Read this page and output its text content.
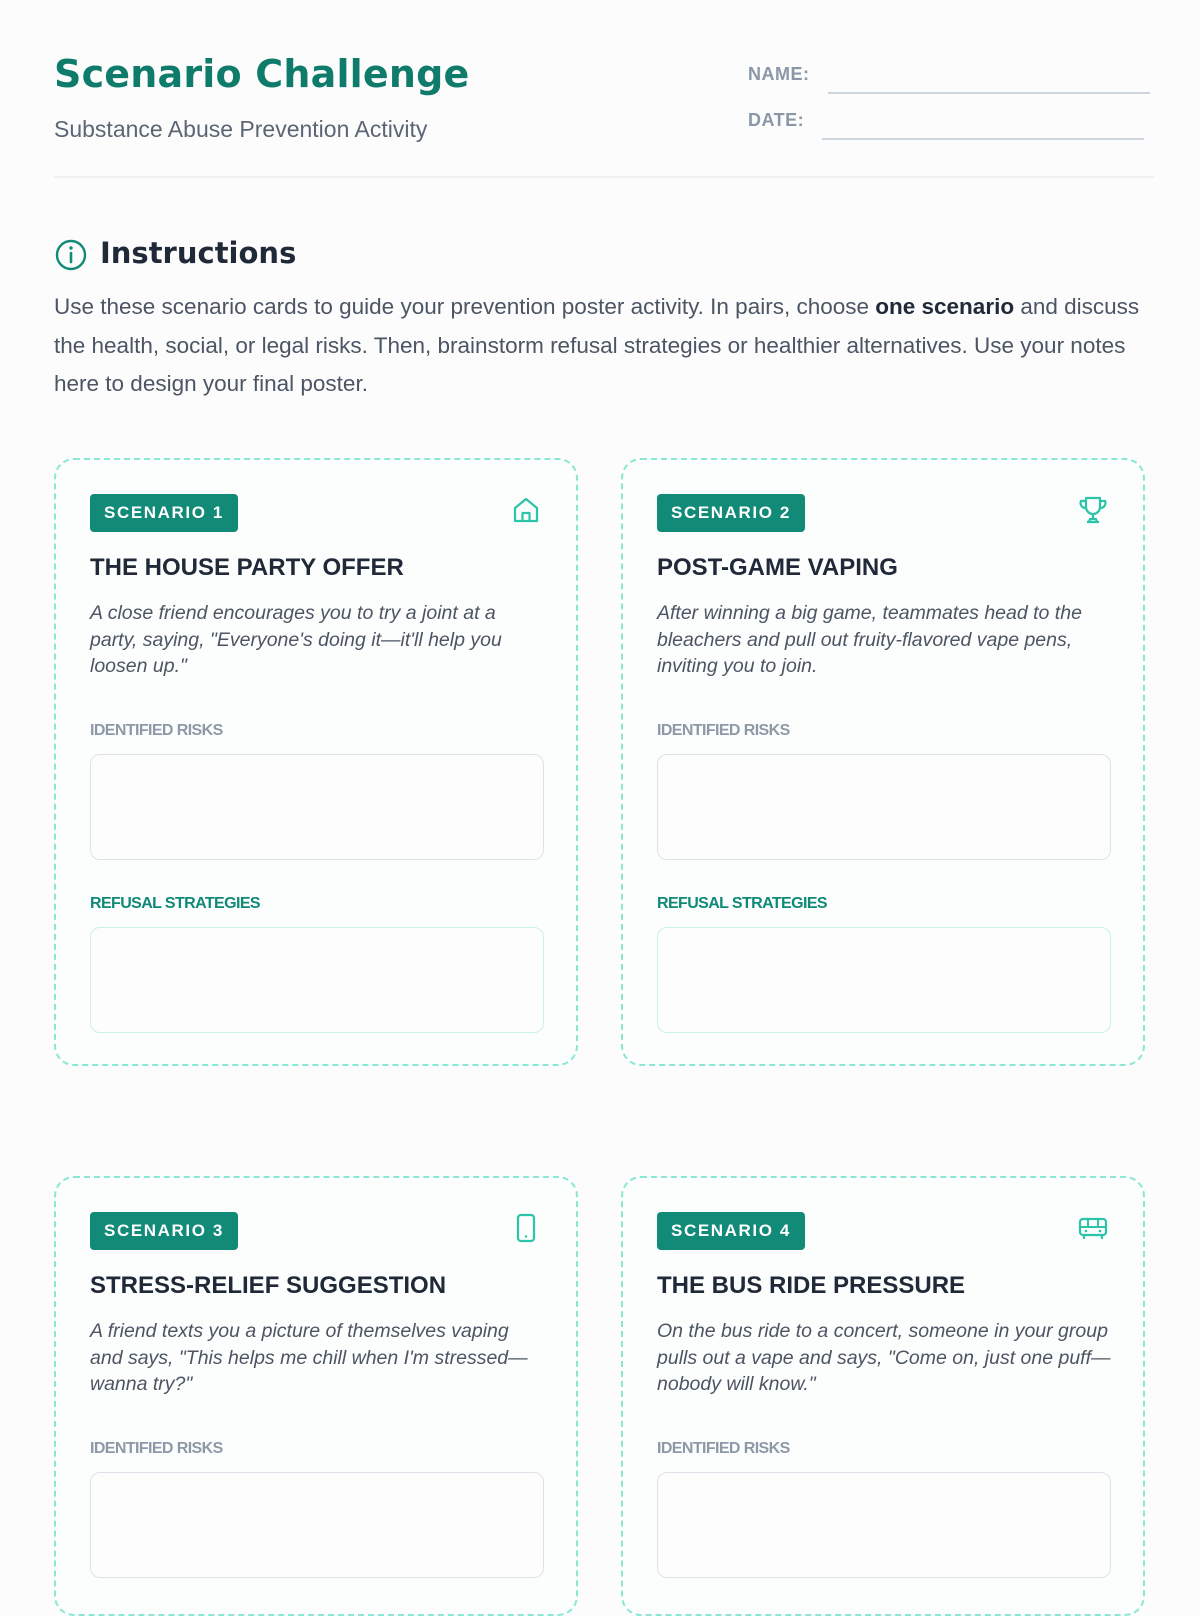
Scenario Challenge
Substance Abuse Prevention Activity
NAME:
DATE:
Instructions
Use these scenario cards to guide your prevention poster activity. In pairs, choose one scenario and discuss the health, social, or legal risks. Then, brainstorm refusal strategies or healthier alternatives. Use your notes here to design your final poster.
SCENARIO 1
THE HOUSE PARTY OFFER
A close friend encourages you to try a joint at a party, saying, "Everyone's doing it—it'll help you loosen up."
IDENTIFIED RISKS
REFUSAL STRATEGIES
SCENARIO 2
POST-GAME VAPING
After winning a big game, teammates head to the bleachers and pull out fruity-flavored vape pens, inviting you to join.
IDENTIFIED RISKS
REFUSAL STRATEGIES
SCENARIO 3
STRESS-RELIEF SUGGESTION
A friend texts you a picture of themselves vaping and says, "This helps me chill when I'm stressed—wanna try?"
IDENTIFIED RISKS
SCENARIO 4
THE BUS RIDE PRESSURE
On the bus ride to a concert, someone in your group pulls out a vape and says, "Come on, just one puff—nobody will know."
IDENTIFIED RISKS
